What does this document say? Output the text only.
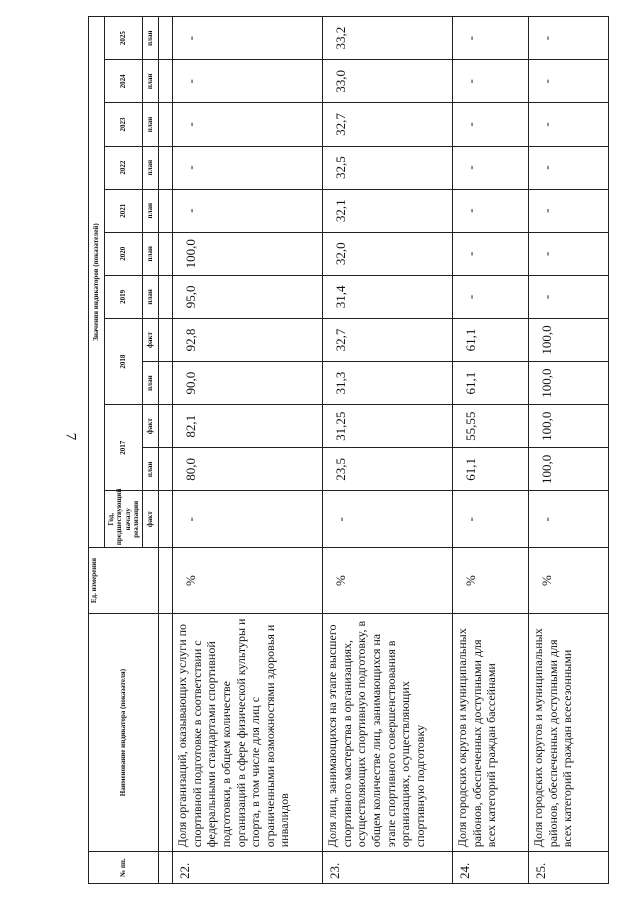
7
№ пп.	Наименование индикатора (показателя)	Ед. измерения	Значения индикаторов (показателей)											
			Год, предшествующий началу реализации	2017		2018		2019	2020	2021	2022	2023	2024	2025
			факт	план	факт	план	факт	план	план	план	план	план	план	план

22.	Доля организаций, оказывающих услуги по спортивной подготовке в соответствии с федеральными стандартами спортивной подготовки, в общем количестве организаций в сфере физической культуры и спорта, в том числе для лиц с ограниченными возможностями здоровья и инвалидов	%	-	80,0	82,1	90,0	92,8	95,0	100,0	-	-	-	-	-
23.	Доля лиц, занимающихся на этапе высшего спортивного мастерства в организациях, осуществляющих спортивную подготовку, в общем количестве лиц, занимающихся на этапе спортивного совершенствования в организациях, осуществляющих спортивную подготовку	%	-	23,5	31,25	31,3	32,7	31,4	32,0	32,1	32,5	32,7	33,0	33,2
24.	Доля городских округов и муниципальных районов, обеспеченных доступными для всех категорий граждан бассейнами	%	-	61,1	55,55	61,1	61,1	-	-	-	-	-	-	-
25.	Доля городских округов и муниципальных районов, обеспеченных доступными для всех категорий граждан всесезонными	%	-	100,0	100,0	100,0	100,0	-	-	-	-	-	-	-
